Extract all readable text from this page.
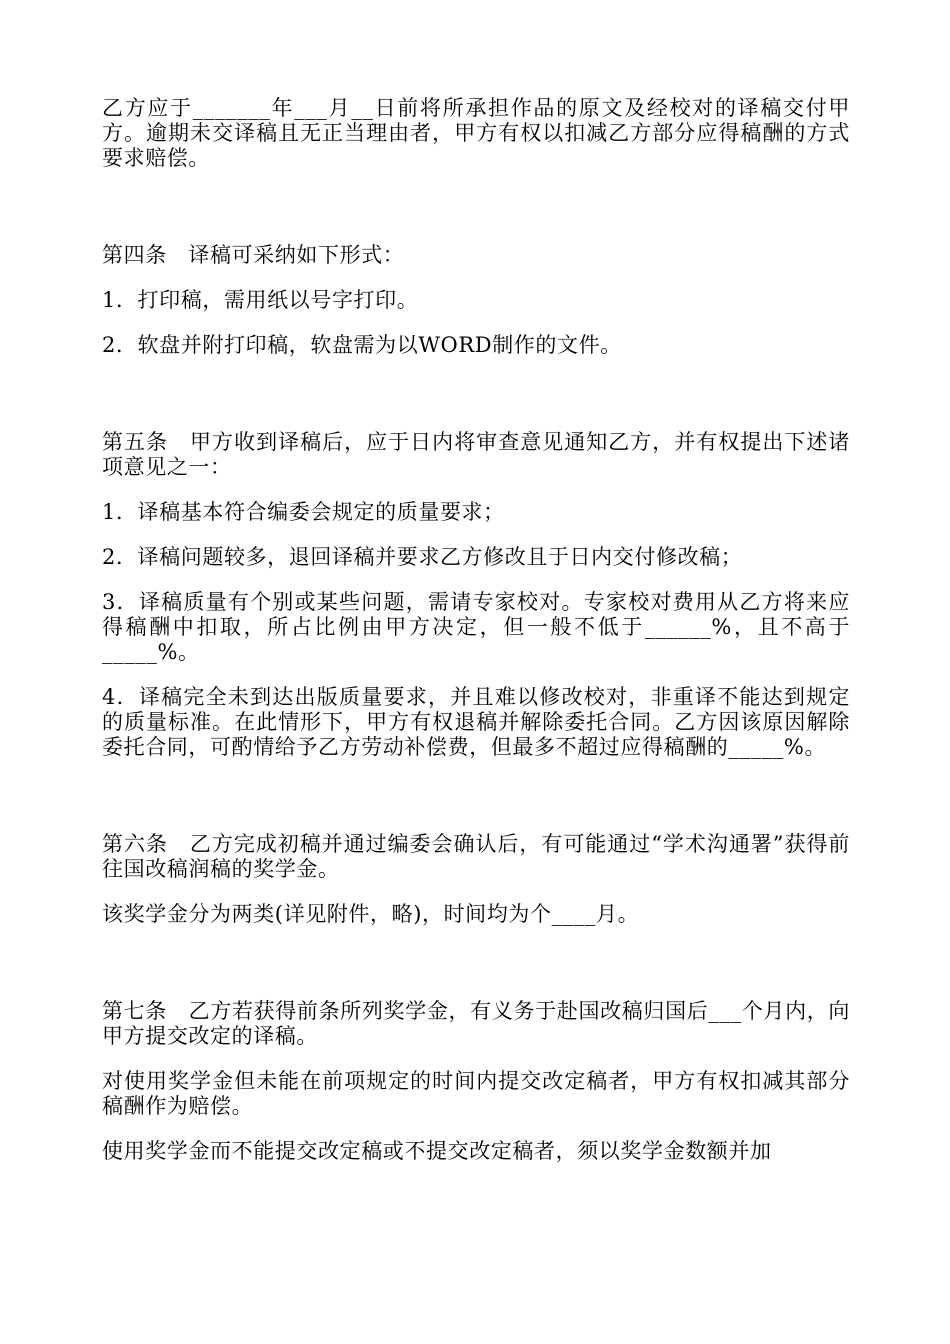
乙方应于_______年___月__日前将所承担作品的原文及经校对的译稿交付甲方。逾期未交译稿且无正当理由者，甲方有权以扣减乙方部分应得稿酬的方式要求赔偿。

第四条　译稿可采纳如下形式：

1．打印稿，需用纸以号字打印。

2．软盘并附打印稿，软盘需为以WORD制作的文件。

第五条　甲方收到译稿后，应于日内将审查意见通知乙方，并有权提出下述诸项意见之一：

1．译稿基本符合编委会规定的质量要求；

2．译稿问题较多，退回译稿并要求乙方修改且于日内交付修改稿；

3．译稿质量有个别或某些问题，需请专家校对。专家校对费用从乙方将来应得稿酬中扣取，所占比例由甲方决定，但一般不低于______%，且不高于_____%。

4．译稿完全未到达出版质量要求，并且难以修改校对，非重译不能达到规定的质量标准。在此情形下，甲方有权退稿并解除委托合同。乙方因该原因解除委托合同，可酌情给予乙方劳动补偿费，但最多不超过应得稿酬的_____%。

第六条　乙方完成初稿并通过编委会确认后，有可能通过“学术沟通署”获得前往国改稿润稿的奖学金。

该奖学金分为两类(详见附件，略)，时间均为个____月。

第七条　乙方若获得前条所列奖学金，有义务于赴国改稿归国后___个月内，向甲方提交改定的译稿。

对使用奖学金但未能在前项规定的时间内提交改定稿者，甲方有权扣减其部分稿酬作为赔偿。

使用奖学金而不能提交改定稿或不提交改定稿者，须以奖学金数额并加
